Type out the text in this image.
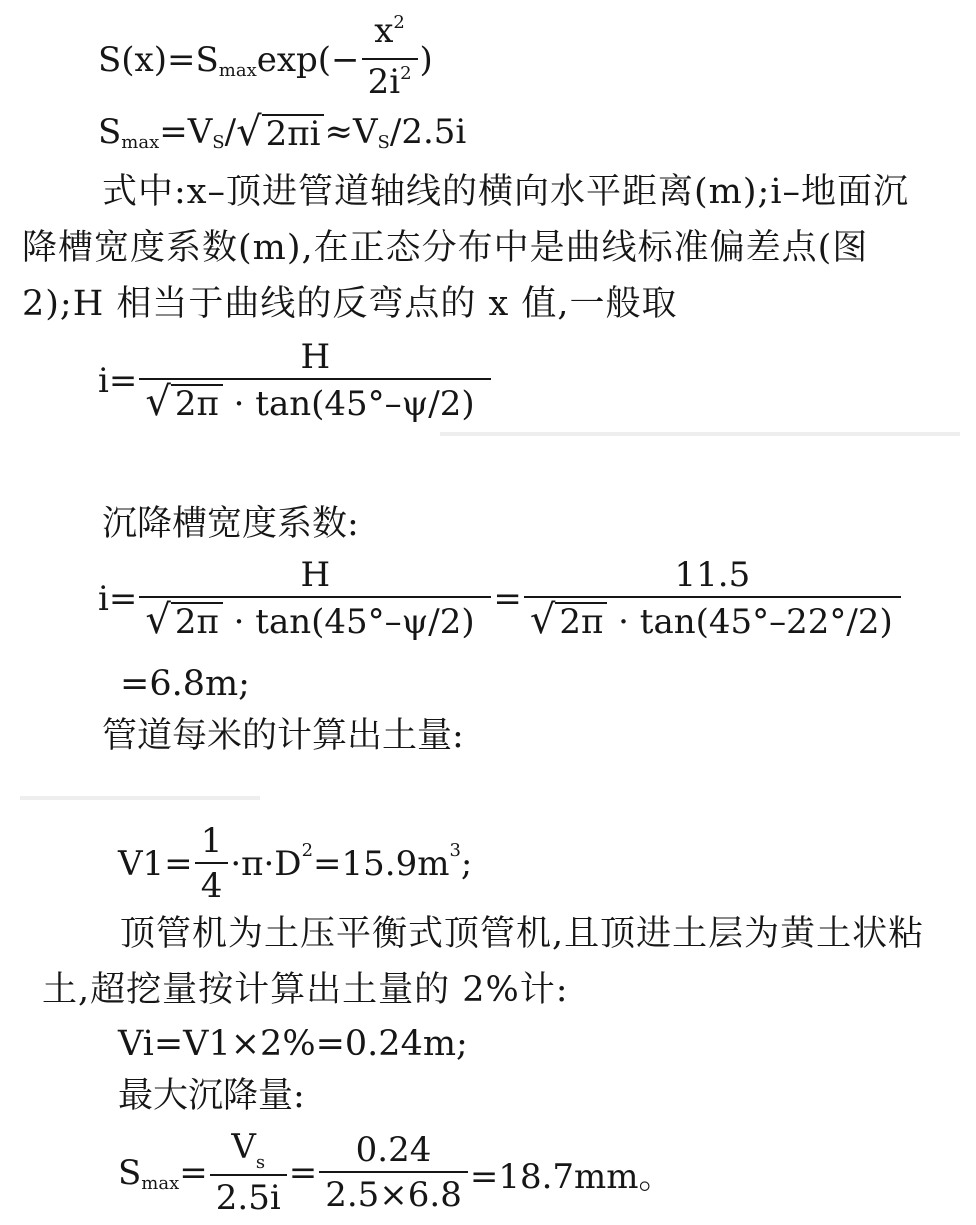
S(x)=S $\max \exp(- \frac{x^2}{2i^2}$ )
S max =V S / √ 2πi ≈V S /2.5i
式中:x–顶进管道轴线的横向水平距离(m);i–地面沉
降槽宽度系数(m),在正态分布中是曲线标准偏差点(图
2);H 相当于曲线的反弯点的 x 值,一般取
$i= \frac{H}{√ 2\pi \cdot \tan(45^\circ-\psi/2)}$
沉降槽宽度系数:
$i= \frac{H}{√ 2\pi \cdot \tan(45^\circ-\psi/2)} = \frac{11.5}{√ 2\pi \cdot \tan(45^\circ-22^\circ/2)}$
=6.8m;
管道每米的计算出土量:
$V1= \frac{1}{4} \cdot\pi\cdot D$ 2 =15.9m 3 ;
顶管机为土压平衡式顶管机,且顶进土层为黄土状粘
土,超挖量按计算出土量的 2%计:
Vi=V1×2%=0.24m;
最大沉降量:
S $\max = \frac{V_s}{2.5i} = \frac{0.24}{2.5\times 6.8} =18.7mm$。
